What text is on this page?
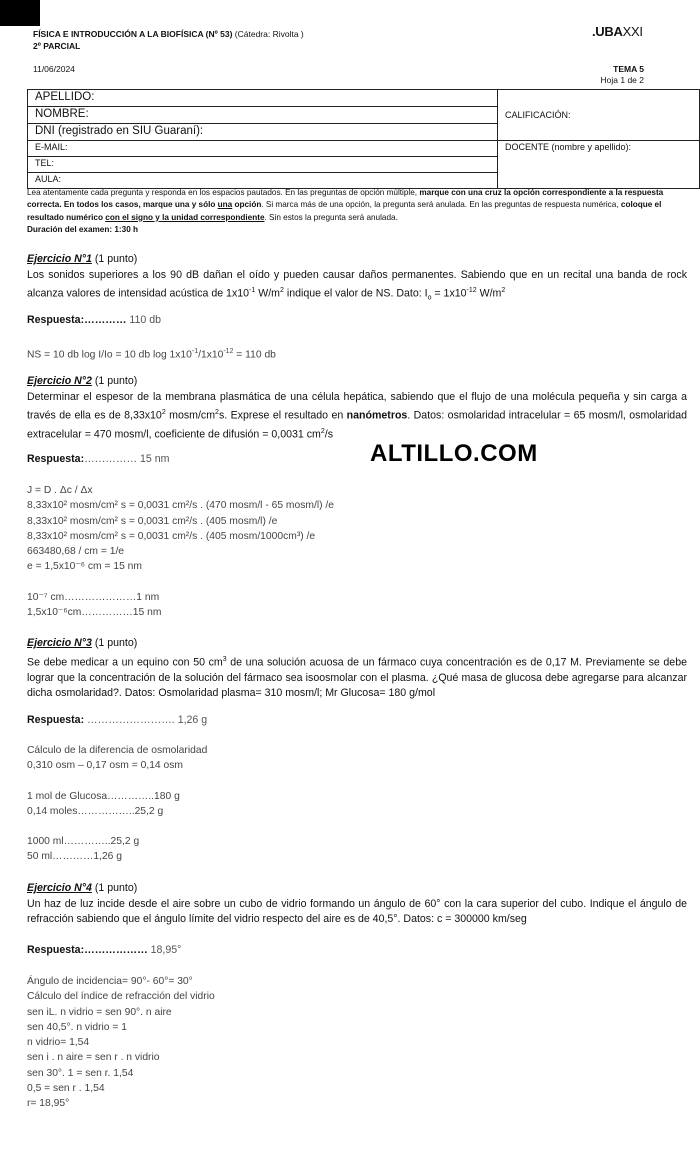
FÍSICA E INTRODUCCIÓN A LA BIOFÍSICA (Nº 53) (Cátedra: Rivolta )
2º PARCIAL
11/06/2024
.UBAXXI
TEMA 5
Hoja 1 de 2
APELLIDO:	CALIFICACIÓN:
NOMBRE:	
DNI (registrado en SIU Guaraní):	
E-MAIL:	DOCENTE (nombre y apellido):
TEL:	
AULA:	
Lea atentamente cada pregunta y responda en los espacios pautados. En las preguntas de opción múltiple, marque con una cruz la opción correspondiente a la respuesta correcta. En todos los casos, marque una y sólo una opción. Si marca más de una opción, la pregunta será anulada. En las preguntas de respuesta numérica, coloque el resultado numérico con el signo y la unidad correspondiente. Sin estos la pregunta será anulada.
Duración del examen: 1:30 h
ALTILLO.COM
Ejercicio N°1 (1 punto)
Los sonidos superiores a los 90 dB dañan el oído y pueden causar daños permanentes. Sabiendo que en un recital una banda de rock alcanza valores de intensidad acústica de $1x10^{-1}$ $W/m^2$ indique el valor de NS. Dato: $I_o = 1x10^{-12}$ $W/m^2$
Respuesta:………… 110 db
NS = 10 db log I/Io = 10 db $\log 1x10^{-1}/1x10^{-12} = 110$ db
Ejercicio N°2 (1 punto)
Determinar el espesor de la membrana plasmática de una célula hepática, sabiendo que el flujo de una molécula pequeña y sin carga a través de ella es de $8,33x10^2$ mosm/$cm^2s$. Exprese el resultado en nanómetros. Datos: osmolaridad intracelular = 65 mosm/l, osmolaridad extracelular = 470 mosm/l, coeficiente de difusión = 0,0031 $cm^2/s$
Respuesta:…………… 15 nm
J = D . Δc / Δx
8,33x10² mosm/cm² s = 0,0031 cm²/s . (470 mosm/l - 65 mosm/l) /e
8,33x10² mosm/cm² s = 0,0031 cm²/s . (405 mosm/l) /e
8,33x10² mosm/cm² s = 0,0031 cm²/s . (405 mosm/1000cm³) /e
663480,68 / cm = 1/e
e = 1,5x10⁻⁶ cm = 15 nm
10⁻⁷ cm…………………1 nm
1,5x10⁻⁶cm……………15 nm
Ejercicio N°3 (1 punto)
Se debe medicar a un equino con 50 $cm^3$ de una solución acuosa de un fármaco cuya concentración es de 0,17 M. Previamente se debe lograr que la concentración de la solución del fármaco sea isoosmolar con el plasma. ¿Qué masa de glucosa debe agregarse para alcanzar dicha osmolaridad?. Datos: Osmolaridad plasma= 310 mosm/l; Mr Glucosa= 180 g/mol
Respuesta: ……………………. 1,26 g
Cálculo de la diferencia de osmolaridad
0,310 osm – 0,17 osm = 0,14 osm
1 mol de Glucosa…………..180 g
0,14 moles……………..25,2 g
1000 ml…………..25,2 g
50 ml…………1,26 g
Ejercicio N°4 (1 punto)
Un haz de luz incide desde el aire sobre un cubo de vidrio formando un ángulo de 60° con la cara superior del cubo. Indique el ángulo de refracción sabiendo que el ángulo límite del vidrio respecto del aire es de 40,5°. Datos: c = 300000 km/seg
Respuesta:……………… 18,95°
Ángulo de incidencia= 90°- 60°= 30°
Cálculo del índice de refracción del vidrio
sen iL. n vidrio = sen 90°. n aire
sen 40,5°. n vidrio = 1
n vidrio= 1,54
sen i . n aire = sen r . n vidrio
sen 30°. 1 = sen r. 1,54
0,5 = sen r . 1,54
r= 18,95°
